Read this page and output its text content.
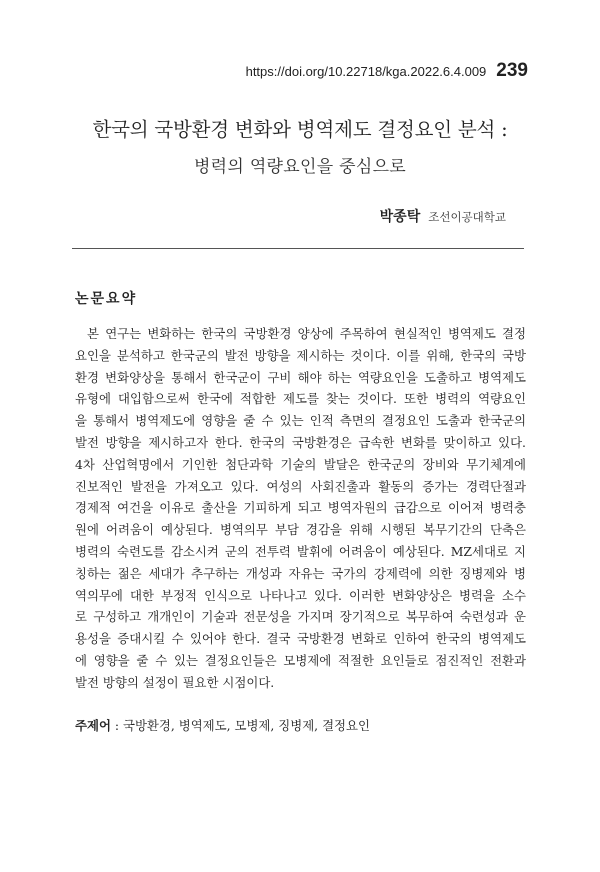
https://doi.org/10.22718/kga.2022.6.4.009 239
한국의 국방환경 변화와 병역제도 결정요인 분석 :
병력의 역량요인을 중심으로
박종탁 조선이공대학교
논문요약

본 연구는 변화하는 한국의 국방환경 양상에 주목하여 현실적인 병역제도 결정
요인을 분석하고 한국군의 발전 방향을 제시하는 것이다. 이를 위해, 한국의 국방
환경 변화양상을 통해서 한국군이 구비 해야 하는 역량요인을 도출하고 병역제도
유형에 대입함으로써 한국에 적합한 제도를 찾는 것이다. 또한 병력의 역량요인
을 통해서 병역제도에 영향을 줄 수 있는 인적 측면의 결정요인 도출과 한국군의
발전 방향을 제시하고자 한다. 한국의 국방환경은 급속한 변화를 맞이하고 있다.
4차 산업혁명에서 기인한 첨단과학 기술의 발달은 한국군의 장비와 무기체계에
진보적인 발전을 가져오고 있다. 여성의 사회진출과 활동의 증가는 경력단절과
경제적 여건을 이유로 출산을 기피하게 되고 병역자원의 급감으로 이어져 병력충
원에 어려움이 예상된다. 병역의무 부담 경감을 위해 시행된 복무기간의 단축은
병력의 숙련도를 감소시켜 군의 전투력 발휘에 어려움이 예상된다. MZ세대로 지
칭하는 젊은 세대가 추구하는 개성과 자유는 국가의 강제력에 의한 징병제와 병
역의무에 대한 부정적 인식으로 나타나고 있다. 이러한 변화양상은 병력을 소수
로 구성하고 개개인이 기술과 전문성을 가지며 장기적으로 복무하여 숙련성과 운
용성을 증대시킬 수 있어야 한다. 결국 국방환경 변화로 인하여 한국의 병역제도
에 영향을 줄 수 있는 결정요인들은 모병제에 적절한 요인들로 점진적인 전환과
발전 방향의 설정이 필요한 시점이다.

주제어 : 국방환경, 병역제도, 모병제, 징병제, 결정요인
